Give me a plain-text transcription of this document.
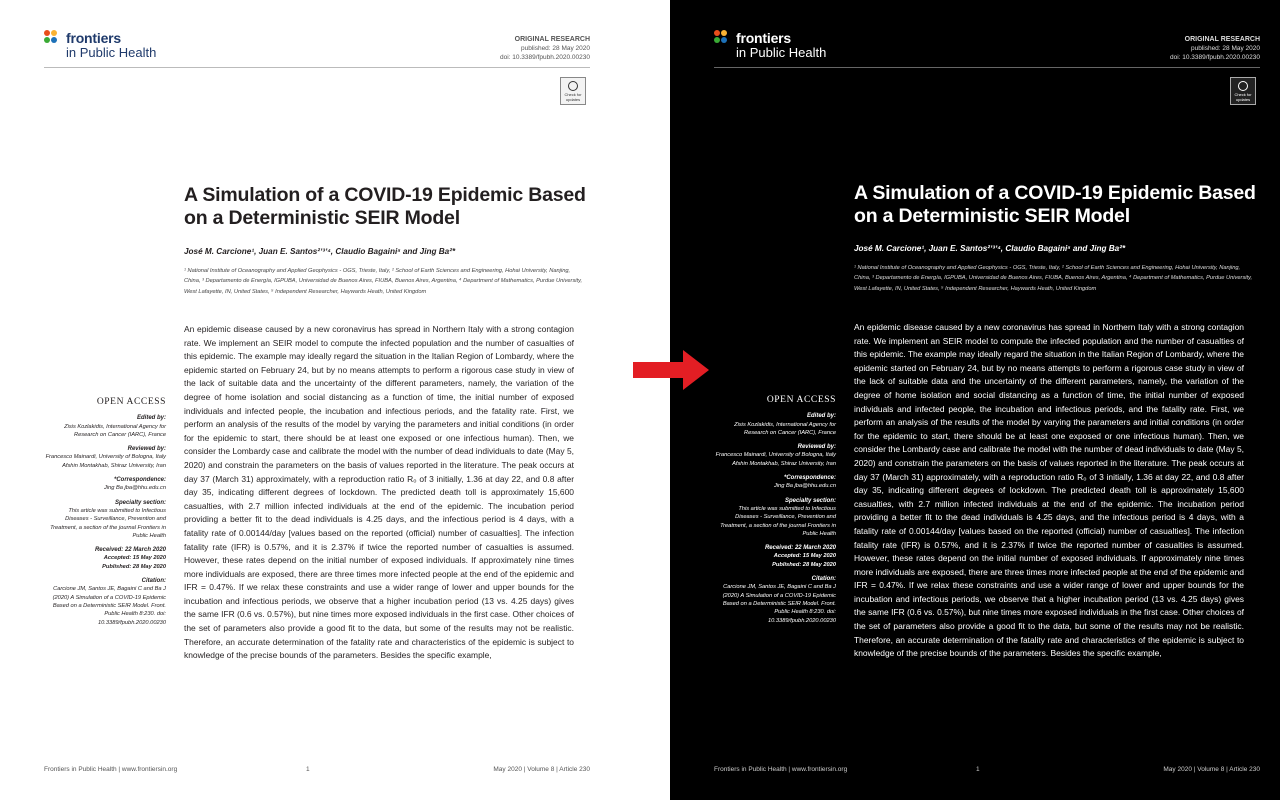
frontiers
in Public Health
ORIGINAL RESEARCH
published: 28 May 2020
doi: 10.3389/fpubh.2020.00230
Check for
updates
A Simulation of a COVID-19 Epidemic Based on a Deterministic SEIR Model
José M. Carcione¹, Juan E. Santos²ʼ³ʼ⁴, Claudio Bagaini⁵ and Jing Ba²*
¹ National Institute of Oceanography and Applied Geophysics - OGS, Trieste, Italy, ² School of Earth Sciences and Engineering, Hohai University, Nanjing, China, ³ Departamento de Energía, IGPUBA, Universidad de Buenos Aires, FIUBA, Buenos Aires, Argentina, ⁴ Department of Mathematics, Purdue University, West Lafayette, IN, United States, ⁵ Independent Researcher, Haywards Heath, United Kingdom
An epidemic disease caused by a new coronavirus has spread in Northern Italy with a strong contagion rate. We implement an SEIR model to compute the infected population and the number of casualties of this epidemic. The example may ideally regard the situation in the Italian Region of Lombardy, where the epidemic started on February 24, but by no means attempts to perform a rigorous case study in view of the lack of suitable data and the uncertainty of the different parameters, namely, the variation of the degree of home isolation and social distancing as a function of time, the initial number of exposed individuals and infected people, the incubation and infectious periods, and the fatality rate. First, we perform an analysis of the results of the model by varying the parameters and initial conditions (in order for the epidemic to start, there should be at least one exposed or one infectious human). Then, we consider the Lombardy case and calibrate the model with the number of dead individuals to date (May 5, 2020) and constrain the parameters on the basis of values reported in the literature. The peak occurs at day 37 (March 31) approximately, with a reproduction ratio R₀ of 3 initially, 1.36 at day 22, and 0.8 after day 35, indicating different degrees of lockdown. The predicted death toll is approximately 15,600 casualties, with 2.7 million infected individuals at the end of the epidemic. The incubation period providing a better fit to the dead individuals is 4.25 days, and the infectious period is 4 days, with a fatality rate of 0.00144/day [values based on the reported (official) number of casualties]. The infection fatality rate (IFR) is 0.57%, and it is 2.37% if twice the reported number of casualties is assumed. However, these rates depend on the initial number of exposed individuals. If approximately nine times more individuals are exposed, there are three times more infected people at the end of the epidemic and IFR = 0.47%. If we relax these constraints and use a wider range of lower and upper bounds for the incubation and infectious periods, we observe that a higher incubation period (13 vs. 4.25 days) gives the same IFR (0.6 vs. 0.57%), but nine times more exposed individuals in the first case. Other choices of the set of parameters also provide a good fit to the data, but some of the results may not be realistic. Therefore, an accurate determination of the fatality rate and characteristics of the epidemic is subject to knowledge of the precise bounds of the parameters. Besides the specific example,
OPEN ACCESS
Edited by:
Zisis Kozlakidis, International Agency for Research on Cancer (IARC), France
Reviewed by:
Francesco Mainardi, University of Bologna, Italy Afshin Montakhab, Shiraz University, Iran
*Correspondence:
Jing Ba jba@hhu.edu.cn
Specialty section:
This article was submitted to Infectious Diseases - Surveillance, Prevention and Treatment, a section of the journal Frontiers in Public Health
Received: 22 March 2020
Accepted: 15 May 2020
Published: 28 May 2020
Citation:
Carcione JM, Santos JE, Bagaini C and Ba J (2020) A Simulation of a COVID-19 Epidemic Based on a Deterministic SEIR Model. Front. Public Health 8:230. doi: 10.3389/fpubh.2020.00230
Frontiers in Public Health | www.frontiersin.org	1	May 2020 | Volume 8 | Article 230
frontiers
in Public Health
ORIGINAL RESEARCH
published: 28 May 2020
doi: 10.3389/fpubh.2020.00230
Check for
updates
A Simulation of a COVID-19 Epidemic Based on a Deterministic SEIR Model
José M. Carcione¹, Juan E. Santos²ʼ³ʼ⁴, Claudio Bagaini⁵ and Jing Ba²*
¹ National Institute of Oceanography and Applied Geophysics - OGS, Trieste, Italy, ² School of Earth Sciences and Engineering, Hohai University, Nanjing, China, ³ Departamento de Energía, IGPUBA, Universidad de Buenos Aires, FIUBA, Buenos Aires, Argentina, ⁴ Department of Mathematics, Purdue University, West Lafayette, IN, United States, ⁵ Independent Researcher, Haywards Heath, United Kingdom
An epidemic disease caused by a new coronavirus has spread in Northern Italy with a strong contagion rate. We implement an SEIR model to compute the infected population and the number of casualties of this epidemic. The example may ideally regard the situation in the Italian Region of Lombardy, where the epidemic started on February 24, but by no means attempts to perform a rigorous case study in view of the lack of suitable data and the uncertainty of the different parameters, namely, the variation of the degree of home isolation and social distancing as a function of time, the initial number of exposed individuals and infected people, the incubation and infectious periods, and the fatality rate. First, we perform an analysis of the results of the model by varying the parameters and initial conditions (in order for the epidemic to start, there should be at least one exposed or one infectious human). Then, we consider the Lombardy case and calibrate the model with the number of dead individuals to date (May 5, 2020) and constrain the parameters on the basis of values reported in the literature. The peak occurs at day 37 (March 31) approximately, with a reproduction ratio R₀ of 3 initially, 1.36 at day 22, and 0.8 after day 35, indicating different degrees of lockdown. The predicted death toll is approximately 15,600 casualties, with 2.7 million infected individuals at the end of the epidemic. The incubation period providing a better fit to the dead individuals is 4.25 days, and the infectious period is 4 days, with a fatality rate of 0.00144/day [values based on the reported (official) number of casualties]. The infection fatality rate (IFR) is 0.57%, and it is 2.37% if twice the reported number of casualties is assumed. However, these rates depend on the initial number of exposed individuals. If approximately nine times more individuals are exposed, there are three times more infected people at the end of the epidemic and IFR = 0.47%. If we relax these constraints and use a wider range of lower and upper bounds for the incubation and infectious periods, we observe that a higher incubation period (13 vs. 4.25 days) gives the same IFR (0.6 vs. 0.57%), but nine times more exposed individuals in the first case. Other choices of the set of parameters also provide a good fit to the data, but some of the results may not be realistic. Therefore, an accurate determination of the fatality rate and characteristics of the epidemic is subject to knowledge of the precise bounds of the parameters. Besides the specific example,
OPEN ACCESS
Edited by:
Zisis Kozlakidis, International Agency for Research on Cancer (IARC), France
Reviewed by:
Francesco Mainardi, University of Bologna, Italy Afshin Montakhab, Shiraz University, Iran
*Correspondence:
Jing Ba jba@hhu.edu.cn
Specialty section:
This article was submitted to Infectious Diseases - Surveillance, Prevention and Treatment, a section of the journal Frontiers in Public Health
Received: 22 March 2020
Accepted: 15 May 2020
Published: 28 May 2020
Citation:
Carcione JM, Santos JE, Bagaini C and Ba J (2020) A Simulation of a COVID-19 Epidemic Based on a Deterministic SEIR Model. Front. Public Health 8:230. doi: 10.3389/fpubh.2020.00230
Frontiers in Public Health | www.frontiersin.org	1	May 2020 | Volume 8 | Article 230
